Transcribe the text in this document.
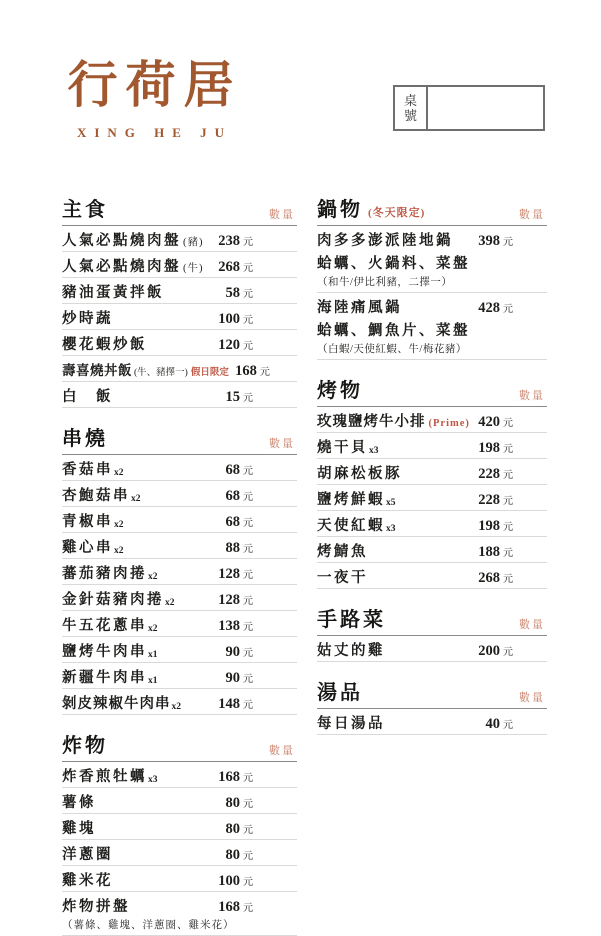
行荷居
XING HE JU
桌號
主食	數量
人氣必點燒肉盤 (豬)	238 元
人氣必點燒肉盤 (牛)	268 元
豬油蛋黃拌飯	58 元
炒時蔬	100 元
櫻花蝦炒飯	120 元
壽喜燒丼飯 (牛、豬擇一) 假日限定 168 元
白　飯	15 元
串燒	數量
香菇串 x2	68 元
杏鮑菇串 x2	68 元
青椒串 x2	68 元
雞心串 x2	88 元
蕃茄豬肉捲 x2	128 元
金針菇豬肉捲 x2	128 元
牛五花蔥串 x2	138 元
鹽烤牛肉串 x1	90 元
新疆牛肉串 x1	90 元
剝皮辣椒牛肉串 x2	148 元
炸物	數量
炸香煎牡蠣 x3	168 元
薯條	80 元
雞塊	80 元
洋蔥圈	80 元
雞米花	100 元
炸物拼盤	168 元
（薯條、雞塊、洋蔥圈、雞米花）
鍋物 (冬天限定)	數量
肉多多澎派陸地鍋	398 元
蛤蠣、火鍋料、菜盤
（和牛/伊比利豬，二擇一）
海陸痛風鍋	428 元
蛤蠣、鯛魚片、菜盤
（白蝦/天使紅蝦、牛/梅花豬）
烤物	數量
玫瑰鹽烤牛小排 (Prime) 420 元
燒干貝 x3	198 元
胡麻松板豚	228 元
鹽烤鮮蝦 x5	228 元
天使紅蝦 x3	198 元
烤鯖魚	188 元
一夜干	268 元
手路菜	數量
姑丈的雞	200 元
湯品	數量
每日湯品	40 元
